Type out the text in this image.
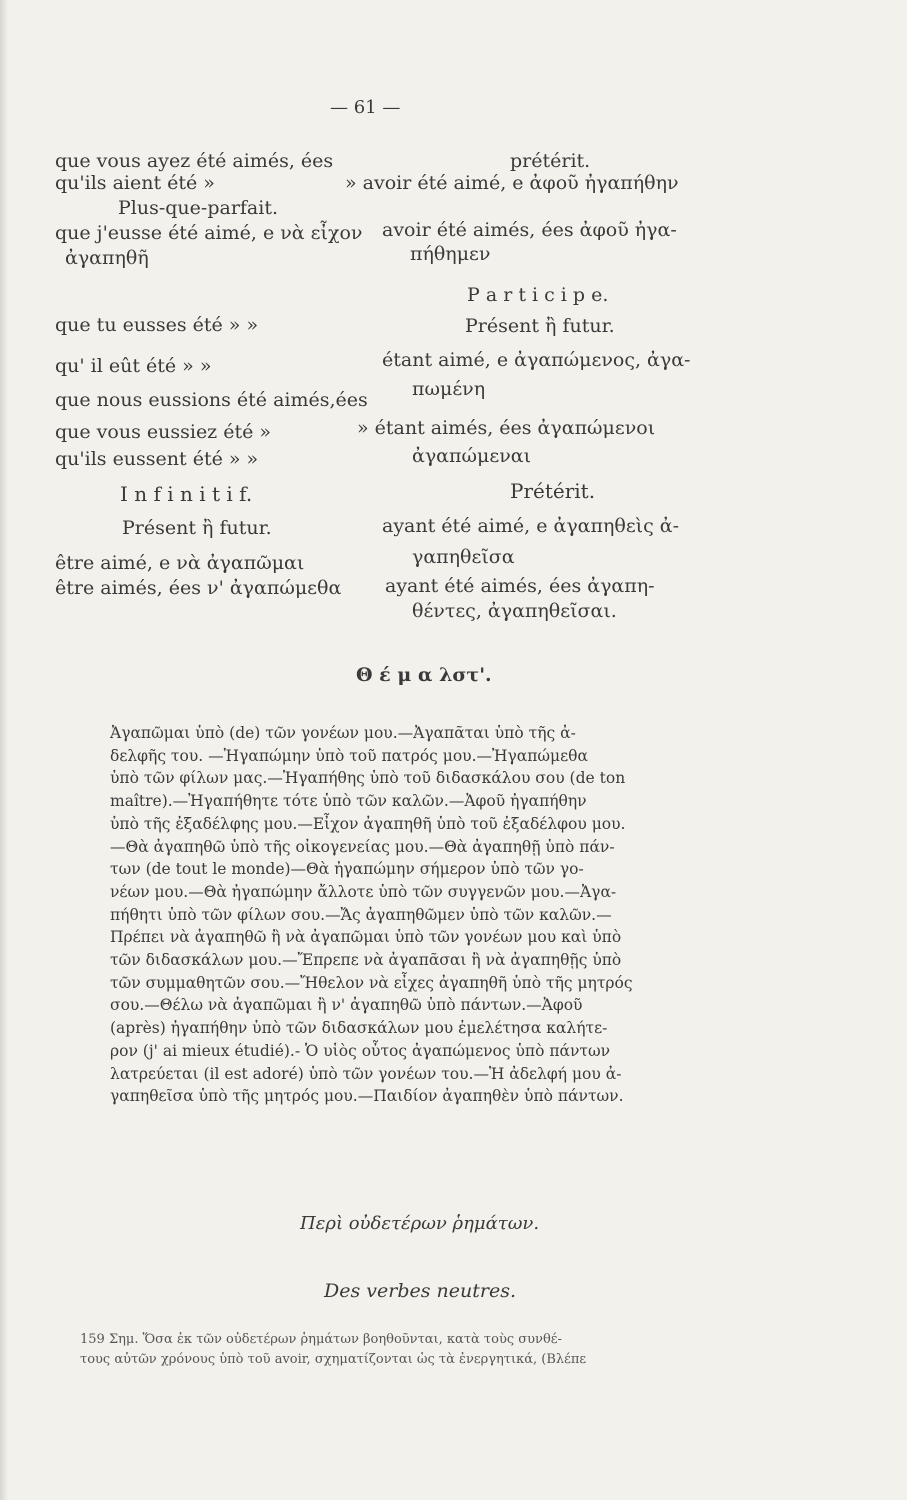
— 61 —
que vous ayez été aimés, ées
qu'ils aient été »
Plus-que-parfait.
que j'eusse été aimé, e νὰ εἶχον
ἀγαπηθῆ
que tu eusses été » »
qu' il eût été » »
que nous eussions été aimés,ées
que vous eussiez été »
qu'ils eussent été » »
prétérit.
» avoir été aimé, e ἀφοῦ ἠγαπήθην
avoir été aimés, ées ἀφοῦ ἠγα-
πήθημεν
P a r t i c i p e.
Présent ἢ futur.
étant aimé, e ἀγαπώμενος, ἀγα-
πωμένη
» étant aimés, ées ἀγαπώμενοι
ἀγαπώμεναι
I n f i n i t i f.
Présent ἢ futur.
être aimé, e νὰ ἀγαπῶμαι
être aimés, ées ν' ἀγαπώμεθα
Prétérit.
ayant été aimé, e ἀγαπηθεὶς ἀ-
γαπηθεῖσα
ayant été aimés, ées ἀγαπη-
θέντες, ἀγαπηθεῖσαι.
Θ έ μ α λστ'.
Ἀγαπῶμαι ὑπὸ (de) τῶν γονέων μου.—Ἀγαπᾶται ὑπὸ τῆς ἀ-
δελφῆς του. —Ἠγαπώμην ὑπὸ τοῦ πατρός μου.—Ἠγαπώμεθα
ὑπὸ τῶν φίλων μας.—Ἠγαπήθης ὑπὸ τοῦ διδασκάλου σου (de ton
maître).—Ἠγαπήθητε τότε ὑπὸ τῶν καλῶν.—Ἀφοῦ ἠγαπήθην
ὑπὸ τῆς ἐξαδέλφης μου.—Εἶχον ἀγαπηθῆ ὑπὸ τοῦ ἐξαδέλφου μου.
—Θὰ ἀγαπηθῶ ὑπὸ τῆς οἰκογενείας μου.—Θὰ ἀγαπηθῇ ὑπὸ πάν-
των (de tout le monde)—Θὰ ἠγαπώμην σήμερον ὑπὸ τῶν γο-
νέων μου.—Θὰ ἠγαπώμην ἄλλοτε ὑπὸ τῶν συγγενῶν μου.—Ἀγα-
πήθητι ὑπὸ τῶν φίλων σου.—Ἄς ἀγαπηθῶμεν ὑπὸ τῶν καλῶν.—
Πρέπει νὰ ἀγαπηθῶ ἢ νὰ ἀγαπῶμαι ὑπὸ τῶν γονέων μου καὶ ὑπὸ
τῶν διδασκάλων μου.—Ἔπρεπε νὰ ἀγαπᾶσαι ἢ νὰ ἀγαπηθῇς ὑπὸ
τῶν συμμαθητῶν σου.—Ἤθελον νὰ εἶχες ἀγαπηθῆ ὑπὸ τῆς μητρός
σου.—Θέλω νὰ ἀγαπῶμαι ἢ ν' ἀγαπηθῶ ὑπὸ πάντων.—Ἀφοῦ
(après) ἠγαπήθην ὑπὸ τῶν διδασκάλων μου ἐμελέτησα καλήτε-
ρον (j' ai mieux étudié).- Ὁ υἱὸς οὗτος ἀγαπώμενος ὑπὸ πάντων
λατρεύεται (il est adoré) ὑπὸ τῶν γονέων του.—Ἡ ἀδελφή μου ἀ-
γαπηθεῖσα ὑπὸ τῆς μητρός μου.—Παιδίον ἀγαπηθὲν ὑπὸ πάντων.
Περὶ οὐδετέρων ῥημάτων.
Des verbes neutres.
159 Σημ. Ὅσα ἐκ τῶν οὐδετέρων ῥημάτων βοηθοῦνται, κατὰ τοὺς συνθέ-
τους αὐτῶν χρόνους ὑπὸ τοῦ avoir, σχηματίζονται ὡς τὰ ἐνεργητικά, (Βλέπε
